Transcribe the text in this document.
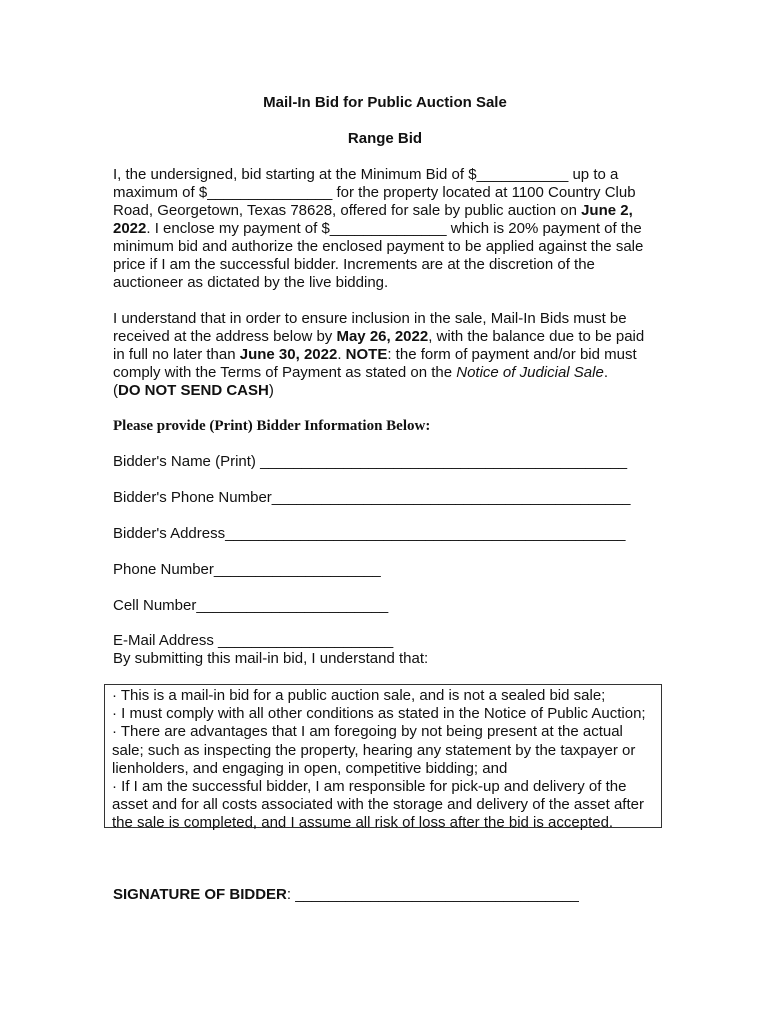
Mail-In Bid for Public Auction Sale
Range Bid
I, the undersigned, bid starting at the Minimum Bid of $___________ up to a maximum of $_______________ for the property located at 1100 Country Club Road, Georgetown, Texas 78628, offered for sale by public auction on June 2, 2022. I enclose my payment of $______________ which is 20% payment of the minimum bid and authorize the enclosed payment to be applied against the sale price if I am the successful bidder. Increments are at the discretion of the auctioneer as dictated by the live bidding.
I understand that in order to ensure inclusion in the sale, Mail-In Bids must be received at the address below by May 26, 2022, with the balance due to be paid in full no later than June 30, 2022. NOTE: the form of payment and/or bid must comply with the Terms of Payment as stated on the Notice of Judicial Sale.
(DO NOT SEND CASH)
Please provide (Print) Bidder Information Below:
Bidder's Name (Print) ____________________________________________
Bidder's Phone Number___________________________________________
Bidder's Address________________________________________________
Phone Number____________________
Cell Number_______________________
E-Mail Address _____________________
By submitting this mail-in bid, I understand that:
· This is a mail-in bid for a public auction sale, and is not a sealed bid sale;
· I must comply with all other conditions as stated in the Notice of Public Auction;
· There are advantages that I am foregoing by not being present at the actual sale; such as inspecting the property, hearing any statement by the taxpayer or lienholders, and engaging in open, competitive bidding; and
· If I am the successful bidder, I am responsible for pick-up and delivery of the asset and for all costs associated with the storage and delivery of the asset after the sale is completed, and I assume all risk of loss after the bid is accepted.
SIGNATURE OF BIDDER: __________________________________
